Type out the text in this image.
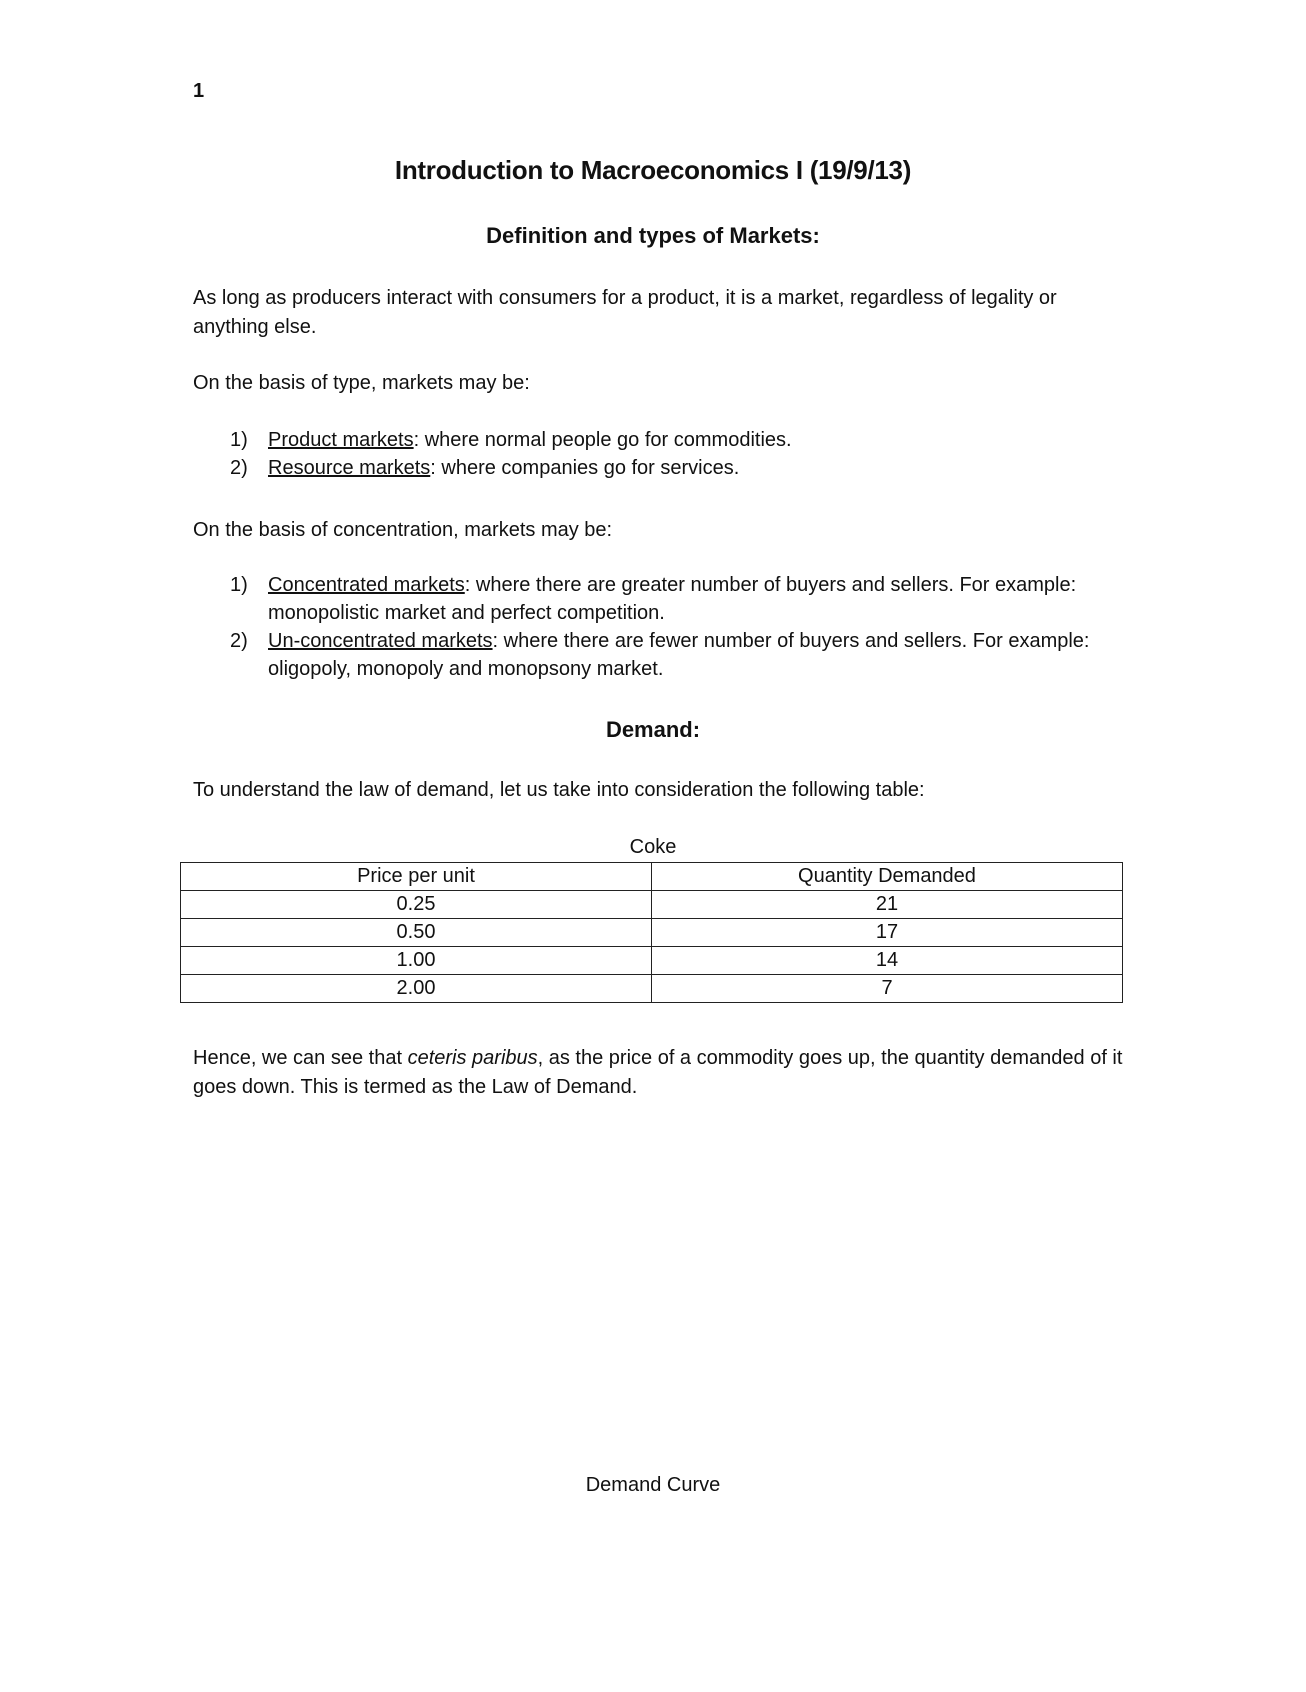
1
Introduction to Macroeconomics I (19/9/13)
Definition and types of Markets:
As long as producers interact with consumers for a product, it is a market, regardless of legality or anything else.
On the basis of type, markets may be:
1)	Product markets: where normal people go for commodities.
2)	Resource markets: where companies go for services.
On the basis of concentration, markets may be:
1)	Concentrated markets: where there are greater number of buyers and sellers. For example: monopolistic market and perfect competition.
2)	Un-concentrated markets: where there are fewer number of buyers and sellers. For example: oligopoly, monopoly and monopsony market.
Demand:
To understand the law of demand, let us take into consideration the following table:
Coke
Price per unit	Quantity Demanded
0.25	21
0.50	17
1.00	14
2.00	7
Hence, we can see that ceteris paribus, as the price of a commodity goes up, the quantity demanded of it goes down. This is termed as the Law of Demand.
Demand Curve
